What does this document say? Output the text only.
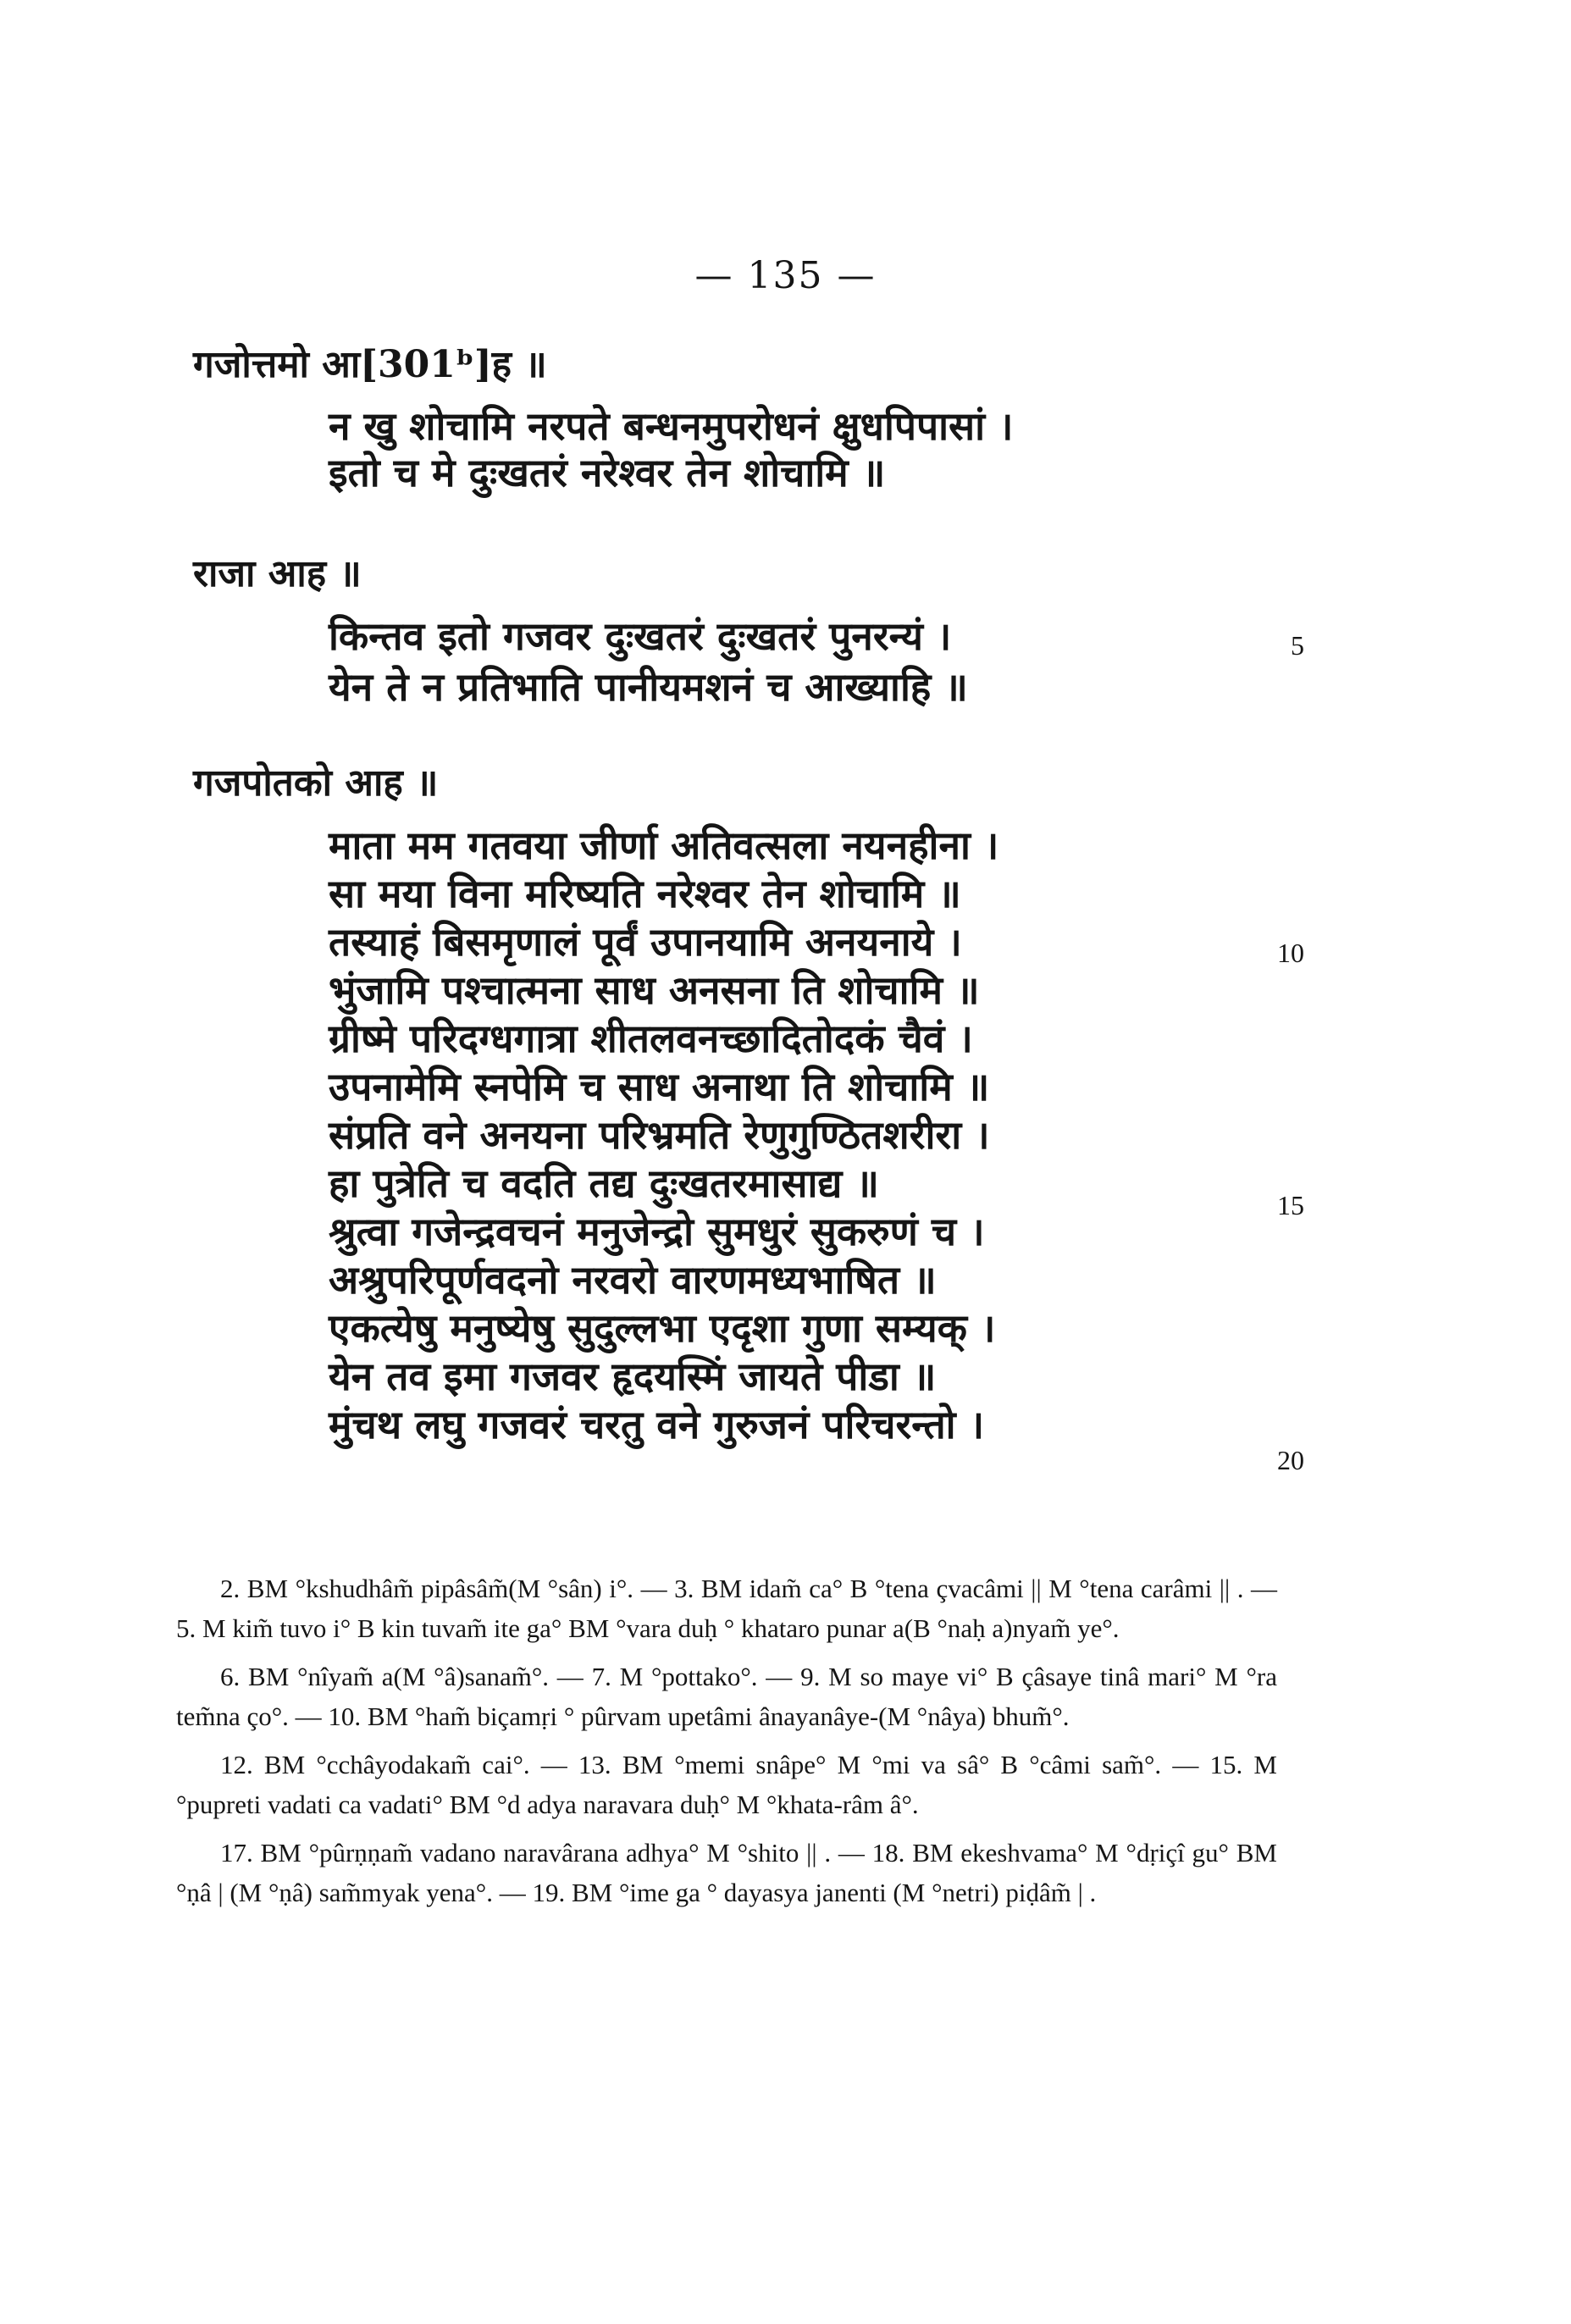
— 135 —
गजोत्तमो आ[301ᵇ]ह ॥
न खु शोचामि नरपते बन्धनमुपरोधनं क्षुधपिपासां ।
इतो च मे दुःखतरं नरेश्वर तेन शोचामि ॥
राजा आह ॥
किन्तव इतो गजवर दुःखतरं दुःखतरं पुनरन्यं ।
येन ते न प्रतिभाति पानीयमशनं च आख्याहि ॥
5
गजपोतको आह ॥
माता मम गतवया जीर्णा अतिवत्सला नयनहीना ।
सा मया विना मरिष्यति नरेश्वर तेन शोचामि ॥
तस्याहं बिसमृणालं पूर्वं उपानयामि अनयनाये ।
भुंजामि पश्चात्मना साध अनसना ति शोचामि ॥
ग्रीष्मे परिदग्धगात्रा शीतलवनच्छादितोदकं चैवं ।
उपनामेमि स्नपेमि च साध अनाथा ति शोचामि ॥
संप्रति वने अनयना परिभ्रमति रेणुगुण्ठितशरीरा ।
हा पुत्रेति च वदति तद्य दुःखतरमासाद्य ॥
श्रुत्वा गजेन्द्रवचनं मनुजेन्द्रो सुमधुरं सुकरुणं च ।
अश्रुपरिपूर्णवदनो नरवरो वारणमध्यभाषित ॥
एकत्येषु मनुष्येषु सुदुल्लभा एदृशा गुणा सम्यक् ।
येन तव इमा गजवर हृदयस्मिं जायते पीडा ॥
मुंचथ लघु गजवरं चरतु वने गुरुजनं परिचरन्तो ।
10
15
20

2. BM °kshudhâm̃ pipâsâm̃(M °sân) i°. — 3. BM idam̃ ca° B °tena çvacâmi || M °tena carâmi || . — 5. M kim̃ tuvo i° B kin tuvam̃ ite ga° BM °vara duḥ ° khataro punar a(B °naḥ a)nyam̃ ye°.

6. BM °nîyam̃ a(M °â)sanam̃°. — 7. M °pottako°. — 9. M so maye vi° B çâsaye tinâ mari° M °ra tem̃na ço°. — 10. BM °ham̃ biçamṛi ° pûrvam upetâmi ânayanâye-(M °nâya) bhum̃°.

12. BM °cchâyodakam̃ cai°. — 13. BM °memi snâpe° M °mi va sâ° B °câmi sam̃°. — 15. M °pupreti vadati ca vadati° BM °d adya naravara duḥ° M °khata-râm â°.

17. BM °pûrṇṇam̃ vadano naravârana adhya° M °shito || . — 18. BM ekeshvama° M °dṛiçî gu° BM °ṇâ | (M °ṇâ) sam̃myak yena°. — 19. BM °ime ga ° dayasya janenti (M °netri) piḍâm̃ | .
